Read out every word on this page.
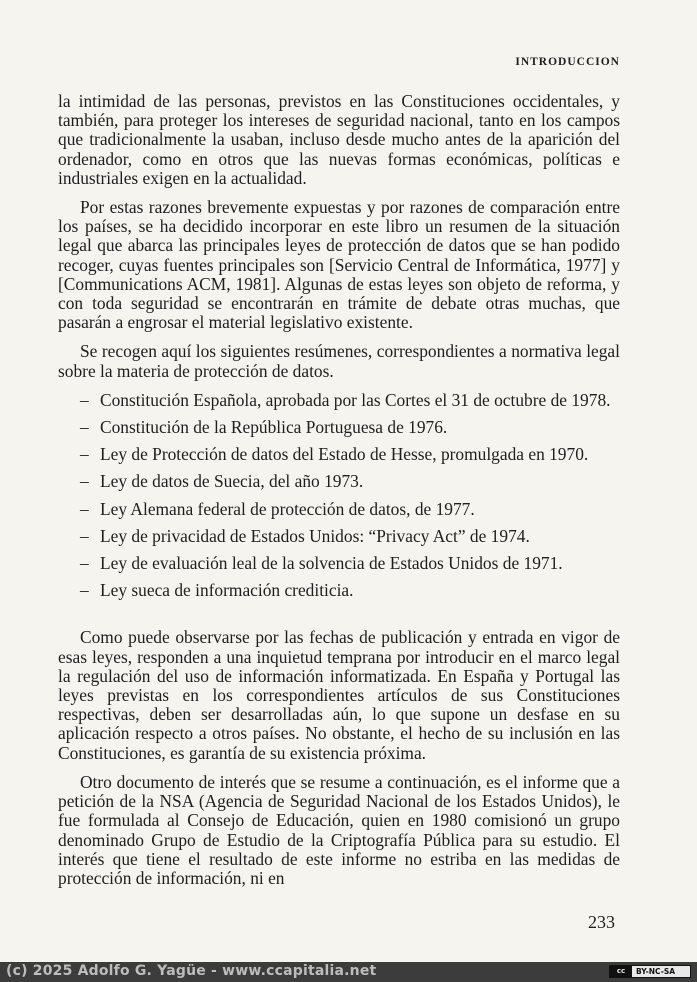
INTRODUCCION

la intimidad de las personas, previstos en las Constituciones occidentales, y también, para proteger los intereses de seguridad nacional, tanto en los campos que tradicionalmente la usaban, incluso desde mucho antes de la aparición del ordenador, como en otros que las nuevas formas económicas, políticas e industriales exigen en la actualidad.

Por estas razones brevemente expuestas y por razones de comparación entre los países, se ha decidido incorporar en este libro un resumen de la situación legal que abarca las principales leyes de protección de datos que se han podido recoger, cuyas fuentes principales son [Servicio Central de Informática, 1977] y [Communications ACM, 1981]. Algunas de estas leyes son objeto de reforma, y con toda seguridad se encontrarán en trámite de debate otras muchas, que pasarán a engrosar el material legislativo existente.

Se recogen aquí los siguientes resúmenes, correspondientes a normativa legal sobre la materia de protección de datos.

– Constitución Española, aprobada por las Cortes el 31 de octubre de 1978.
– Constitución de la República Portuguesa de 1976.
– Ley de Protección de datos del Estado de Hesse, promulgada en 1970.
– Ley de datos de Suecia, del año 1973.
– Ley Alemana federal de protección de datos, de 1977.
– Ley de privacidad de Estados Unidos: “Privacy Act” de 1974.
– Ley de evaluación leal de la solvencia de Estados Unidos de 1971.
– Ley sueca de información crediticia.

Como puede observarse por las fechas de publicación y entrada en vigor de esas leyes, responden a una inquietud temprana por introducir en el marco legal la regulación del uso de información informatizada. En España y Portugal las leyes previstas en los correspondientes artículos de sus Constituciones respectivas, deben ser desarrolladas aún, lo que supone un desfase en su aplicación respecto a otros países. No obstante, el hecho de su inclusión en las Constituciones, es garantía de su existencia próxima.

Otro documento de interés que se resume a continuación, es el informe que a petición de la NSA (Agencia de Seguridad Nacional de los Estados Unidos), le fue formulada al Consejo de Educación, quien en 1980 comisionó un grupo denominado Grupo de Estudio de la Criptografía Pública para su estudio. El interés que tiene el resultado de este informe no estriba en las medidas de protección de información, ni en

233
(c) 2025 Adolfo G. Yagüe - www.ccapitalia.net	cc	BY-NC-SA
